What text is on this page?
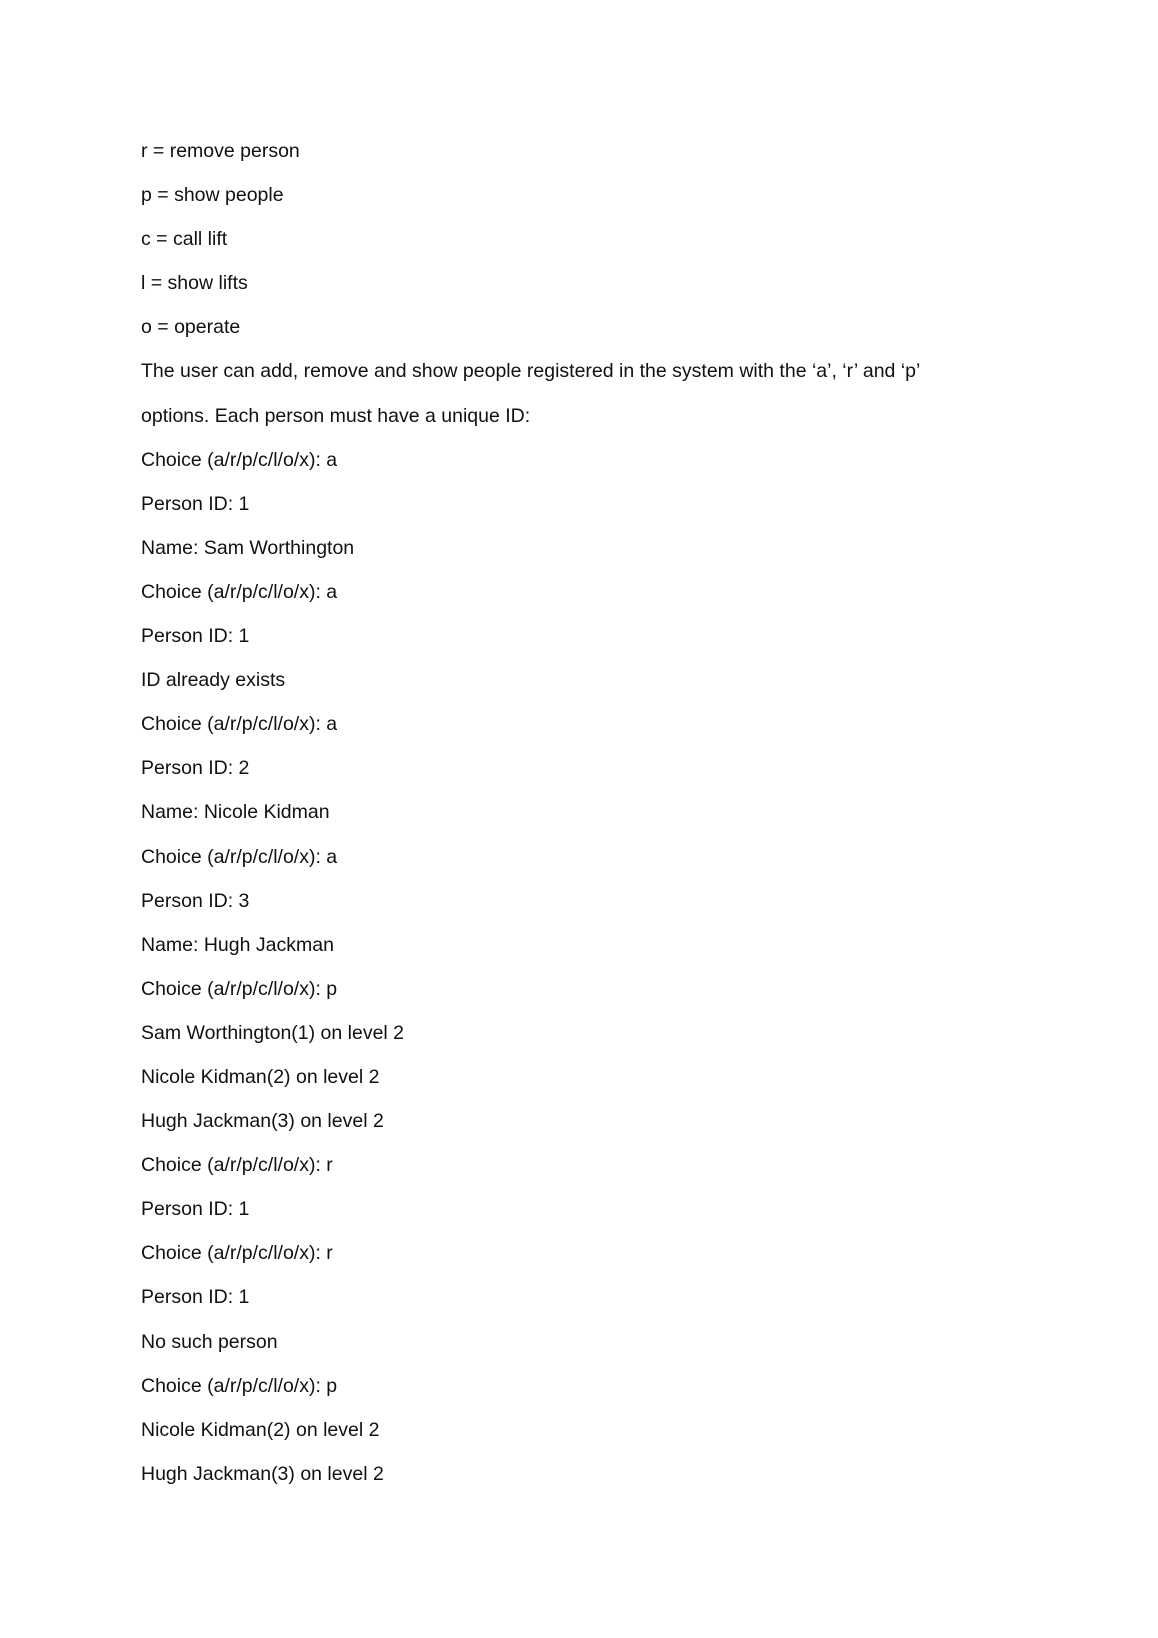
r = remove person
p = show people
c = call lift
l = show lifts
o = operate
The user can add, remove and show people registered in the system with the ‘a’, ‘r’ and ‘p’
options. Each person must have a unique ID:
Choice (a/r/p/c/l/o/x): a
Person ID: 1
Name: Sam Worthington
Choice (a/r/p/c/l/o/x): a
Person ID: 1
ID already exists
Choice (a/r/p/c/l/o/x): a
Person ID: 2
Name: Nicole Kidman
Choice (a/r/p/c/l/o/x): a
Person ID: 3
Name: Hugh Jackman
Choice (a/r/p/c/l/o/x): p
Sam Worthington(1) on level 2
Nicole Kidman(2) on level 2
Hugh Jackman(3) on level 2
Choice (a/r/p/c/l/o/x): r
Person ID: 1
Choice (a/r/p/c/l/o/x): r
Person ID: 1
No such person
Choice (a/r/p/c/l/o/x): p
Nicole Kidman(2) on level 2
Hugh Jackman(3) on level 2
